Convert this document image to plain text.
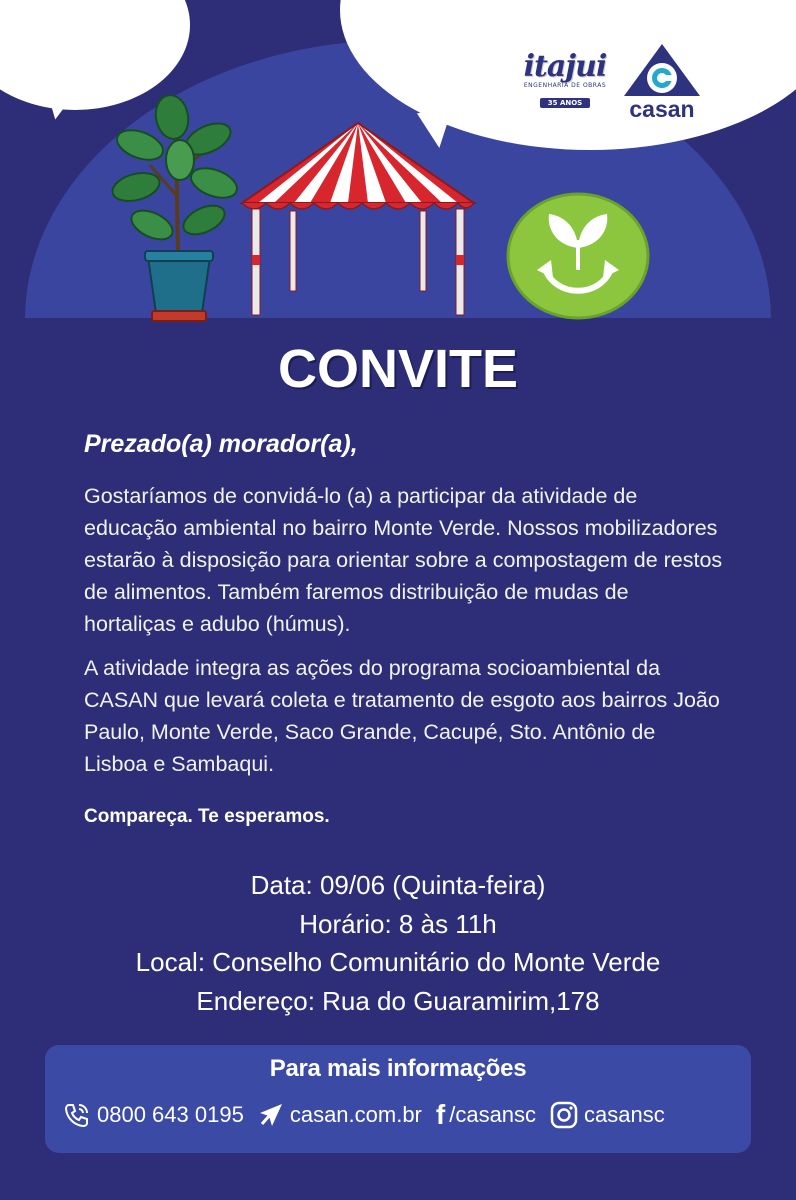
itajui
ENGENHARIA DE OBRAS
35 ANOS	casan
CONVITE
Prezado(a) morador(a),
Gostaríamos de convidá-lo (a) a participar da atividade de educação ambiental no bairro Monte Verde. Nossos mobilizadores estarão à disposição para orientar sobre a compostagem de restos de alimentos. Também faremos distribuição de mudas de hortaliças e adubo (húmus).
A atividade integra as ações do programa socioambiental da CASAN que levará coleta e tratamento de esgoto aos bairros João Paulo, Monte Verde, Saco Grande, Cacupé, Sto. Antônio de Lisboa e Sambaqui.
Compareça. Te esperamos.
Data: 09/06 (Quinta-feira)
Horário: 8 às 11h
Local: Conselho Comunitário do Monte Verde
Endereço: Rua do Guaramirim,178
Para mais informações
0800 643 0195 casan.com.br f /casansc casansc
